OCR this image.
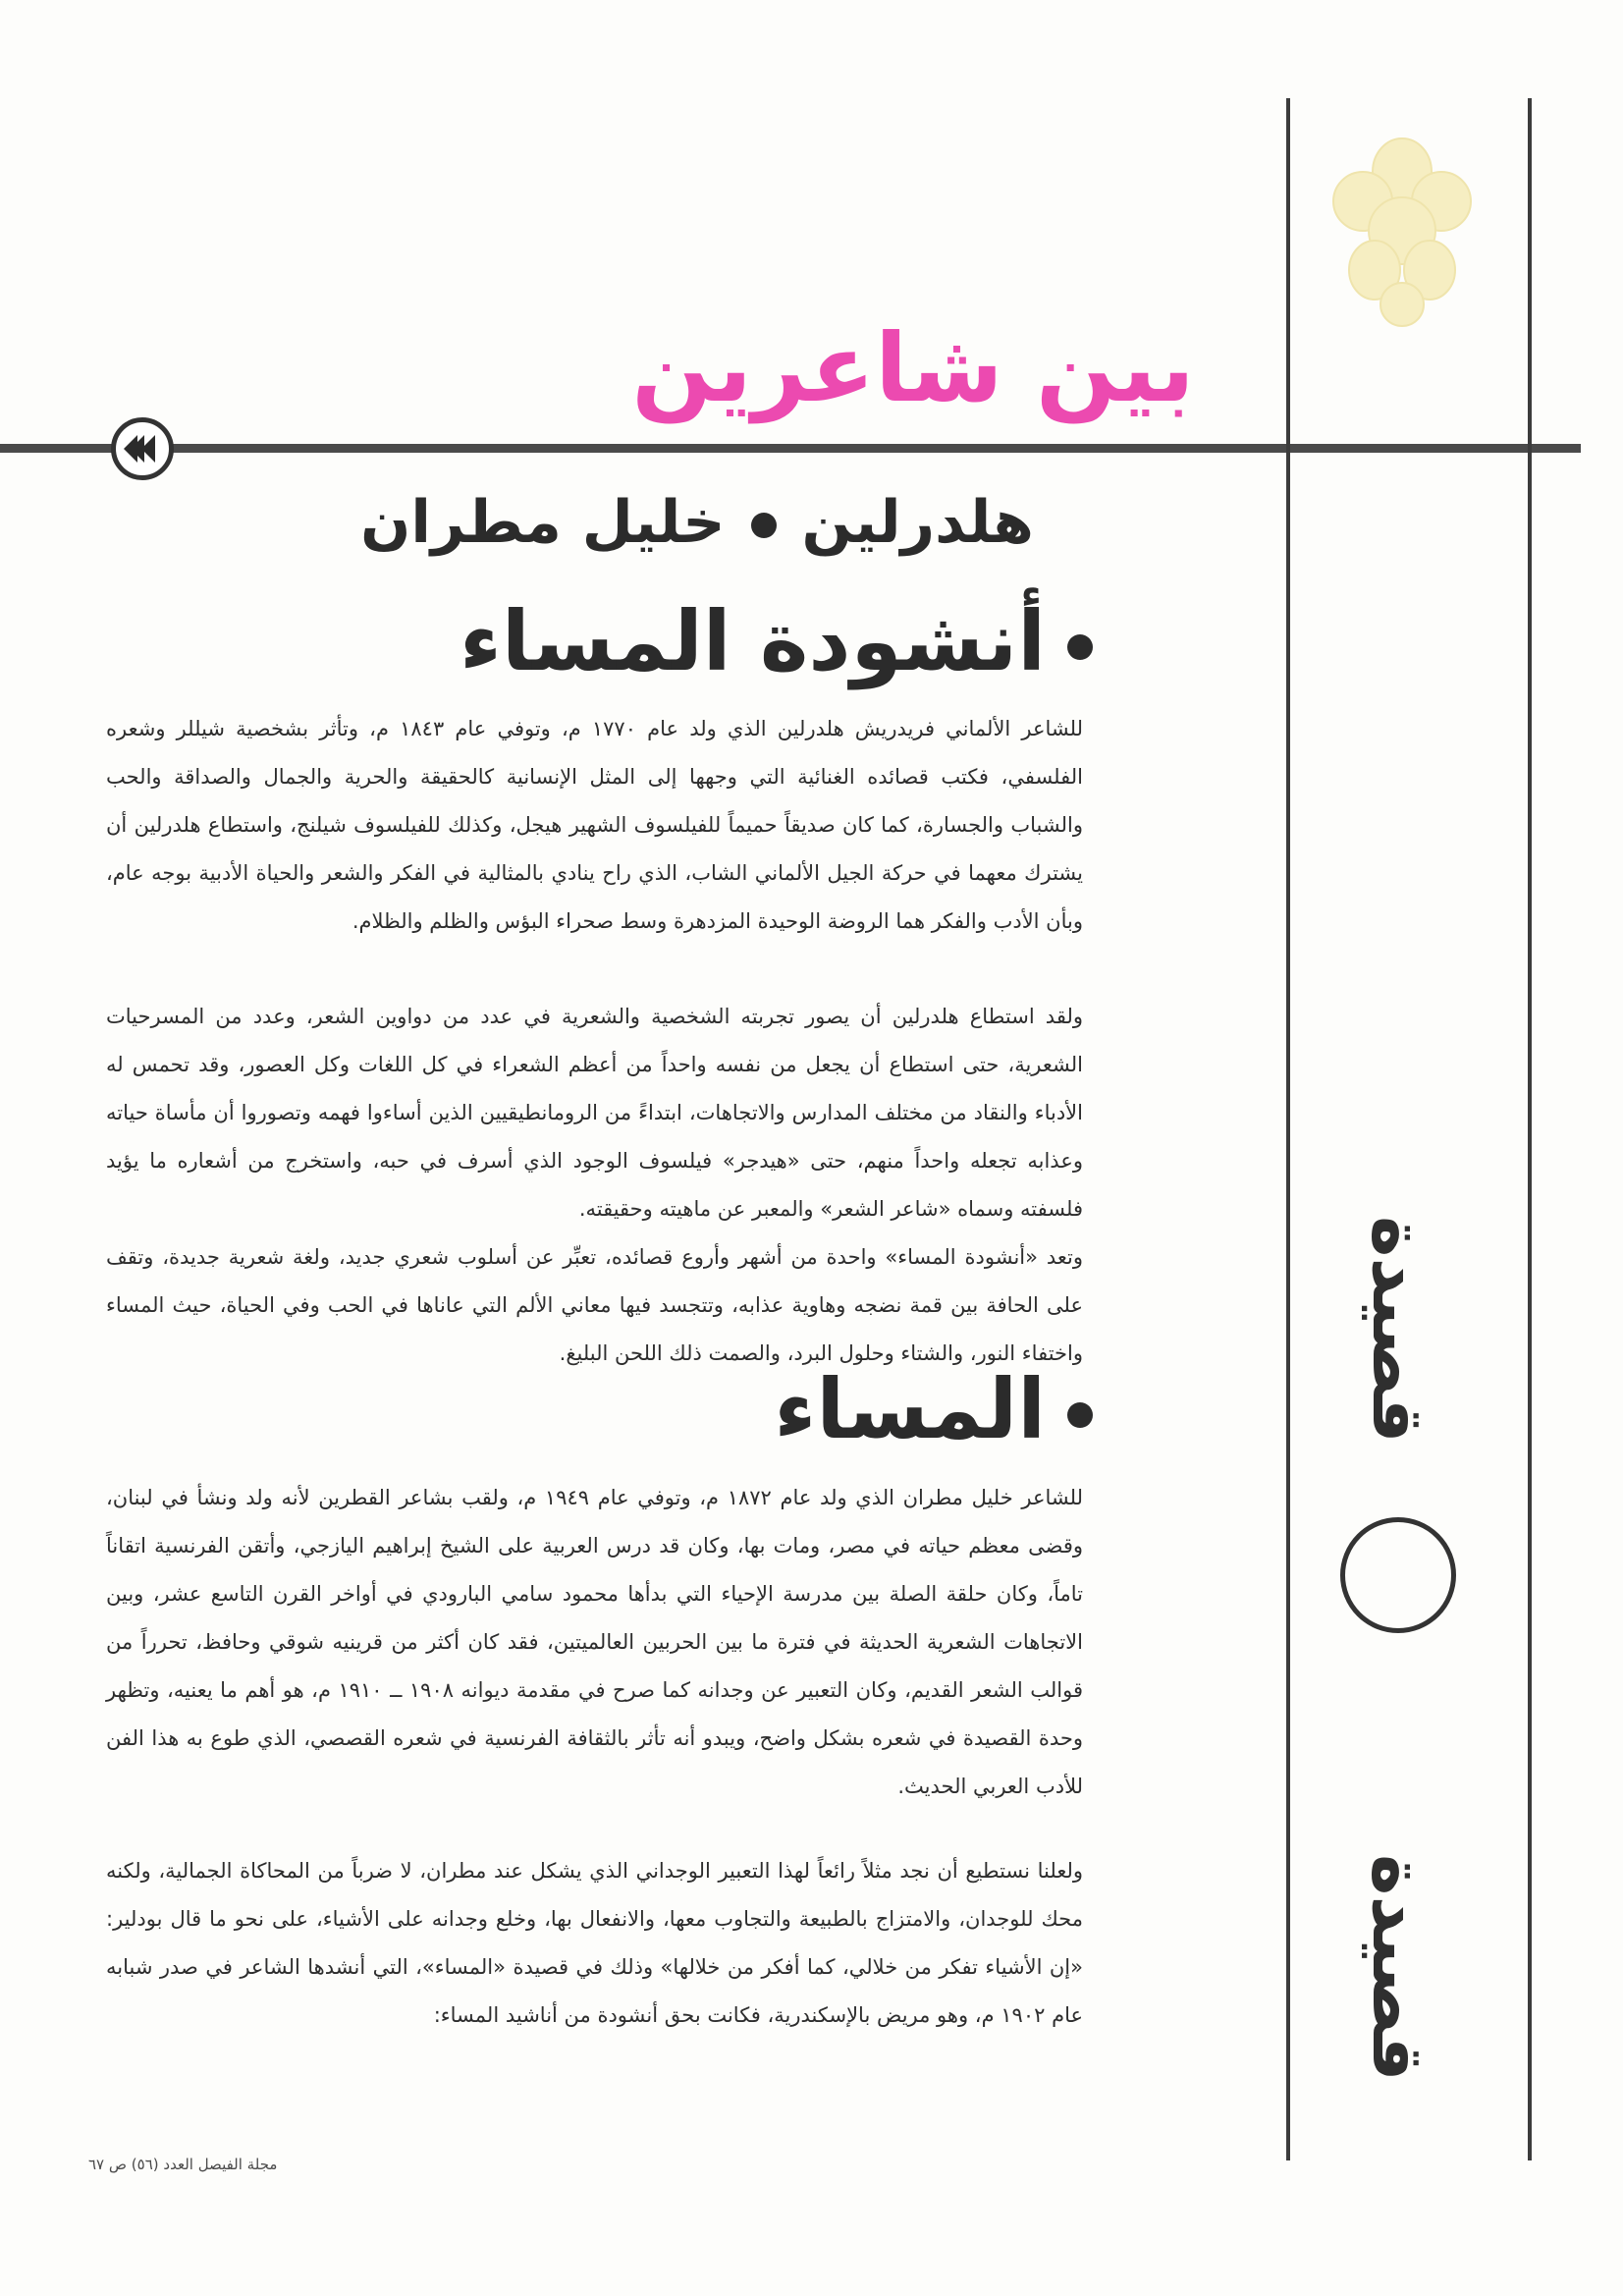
قصيدة
قصيدة
بين شاعرين
هلدرلينخليل مطران
أنشودة المساء

للشاعر الألماني فريدريش هلدرلين الذي ولد عام ١٧٧٠ م، وتوفي عام ١٨٤٣ م، وتأثر بشخصية شيللر وشعره الفلسفي، فكتب قصائده الغنائية التي وجهها إلى المثل الإنسانية كالحقيقة والحرية والجمال والصداقة والحب والشباب والجسارة، كما كان صديقاً حميماً للفيلسوف الشهير هيجل، وكذلك للفيلسوف شيلنج، واستطاع هلدرلين أن يشترك معهما في حركة الجيل الألماني الشاب، الذي راح ينادي بالمثالية في الفكر والشعر والحياة الأدبية بوجه عام، وبأن الأدب والفكر هما الروضة الوحيدة المزدهرة وسط صحراء البؤس والظلم والظلام.

ولقد استطاع هلدرلين أن يصور تجربته الشخصية والشعرية في عدد من دواوين الشعر، وعدد من المسرحيات الشعرية، حتى استطاع أن يجعل من نفسه واحداً من أعظم الشعراء في كل اللغات وكل العصور، وقد تحمس له الأدباء والنقاد من مختلف المدارس والاتجاهات، ابتداءً من الرومانطيقيين الذين أساءوا فهمه وتصوروا أن مأساة حياته وعذابه تجعله واحداً منهم، حتى «هيدجر» فيلسوف الوجود الذي أسرف في حبه، واستخرج من أشعاره ما يؤيد فلسفته وسماه «شاعر الشعر» والمعبر عن ماهيته وحقيقته.

وتعد «أنشودة المساء» واحدة من أشهر وأروع قصائده، تعبِّر عن أسلوب شعري جديد، ولغة شعرية جديدة، وتقف على الحافة بين قمة نضجه وهاوية عذابه، وتتجسد فيها معاني الألم التي عاناها في الحب وفي الحياة، حيث المساء واختفاء النور، والشتاء وحلول البرد، والصمت ذلك اللحن البليغ.

المساء

للشاعر خليل مطران الذي ولد عام ١٨٧٢ م، وتوفي عام ١٩٤٩ م، ولقب بشاعر القطرين لأنه ولد ونشأ في لبنان، وقضى معظم حياته في مصر، ومات بها، وكان قد درس العربية على الشيخ إبراهيم اليازجي، وأتقن الفرنسية اتقاناً تاماً، وكان حلقة الصلة بين مدرسة الإحياء التي بدأها محمود سامي البارودي في أواخر القرن التاسع عشر، وبين الاتجاهات الشعرية الحديثة في فترة ما بين الحربين العالميتين، فقد كان أكثر من قرينيه شوقي وحافظ، تحرراً من قوالب الشعر القديم، وكان التعبير عن وجدانه كما صرح في مقدمة ديوانه ١٩٠٨ ــ ١٩١٠ م، هو أهم ما يعنيه، وتظهر وحدة القصيدة في شعره بشكل واضح، ويبدو أنه تأثر بالثقافة الفرنسية في شعره القصصي، الذي طوع به هذا الفن للأدب العربي الحديث.

ولعلنا نستطيع أن نجد مثلاً رائعاً لهذا التعبير الوجداني الذي يشكل عند مطران، لا ضرباً من المحاكاة الجمالية، ولكنه محك للوجدان، والامتزاج بالطبيعة والتجاوب معها، والانفعال بها، وخلع وجدانه على الأشياء، على نحو ما قال بودلير: «إن الأشياء تفكر من خلالي، كما أفكر من خلالها» وذلك في قصيدة «المساء»، التي أنشدها الشاعر في صدر شبابه عام ١٩٠٢ م، وهو مريض بالإسكندرية، فكانت بحق أنشودة من أناشيد المساء:

مجلة الفيصل العدد (٥٦) ص ٦٧
